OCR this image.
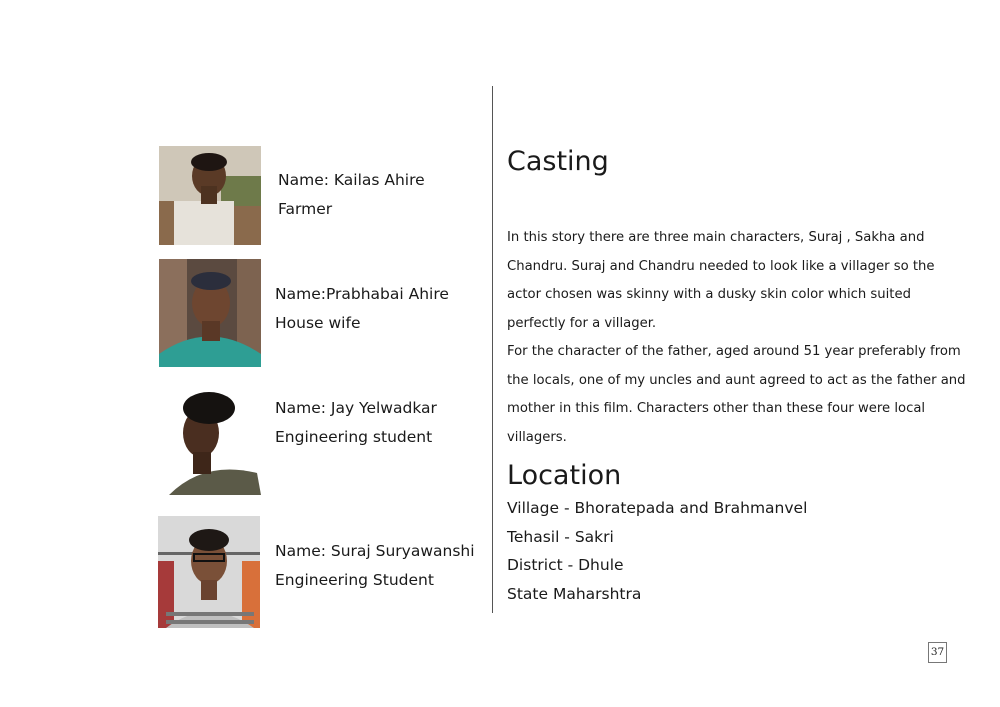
Name: Kailas Ahire
Farmer
Name:Prabhabai Ahire
House wife
Name: Jay Yelwadkar
Engineering student
Name: Suraj Suryawanshi
Engineering Student
Casting

In this story there are three main characters, Suraj , Sakha and Chandru. Suraj and Chandru needed to look like a villager so the actor chosen was skinny with a dusky skin color which suited perfectly for a villager.

For the character of the father, aged around 51 year preferably from the locals, one of my uncles and aunt agreed to act as the father and mother in this film. Characters other than these four were local villagers.

Location
Village - Bhoratepada and Brahmanvel
Tehasil - Sakri
District - Dhule
State Maharshtra
37
